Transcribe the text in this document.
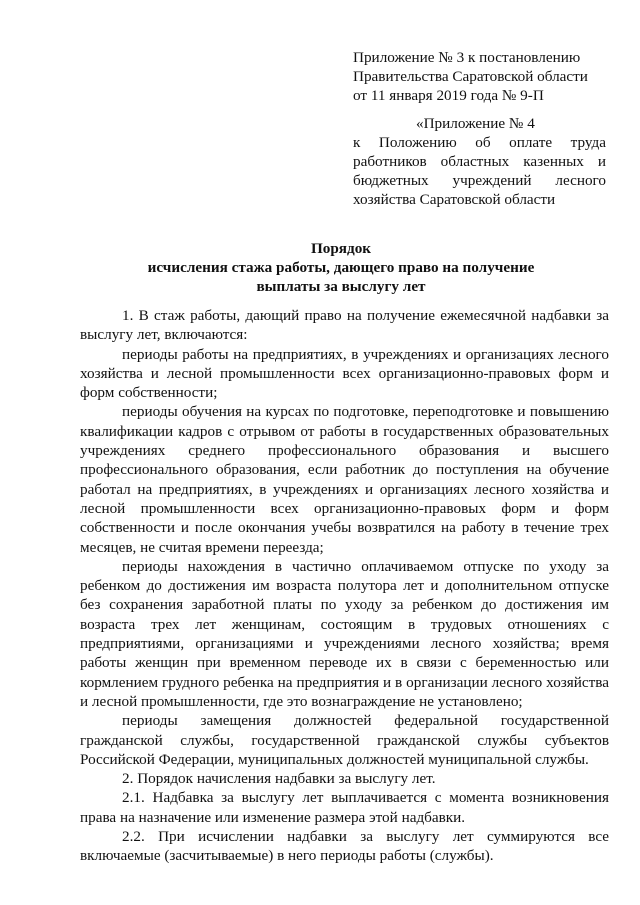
Приложение № 3 к постановлению
Правительства Саратовской области
от 11 января 2019 года № 9-П
«Приложение № 4
к Положению об оплате труда работников областных казенных и бюджетных учреждений лесного хозяйства Саратовской области
Порядок
исчисления стажа работы, дающего право на получение
выплаты за выслугу лет

1. В стаж работы, дающий право на получение ежемесячной надбавки за выслугу лет, включаются:

периоды работы на предприятиях, в учреждениях и организациях лесного хозяйства и лесной промышленности всех организационно-правовых форм и форм собственности;

периоды обучения на курсах по подготовке, переподготовке и повышению квалификации кадров с отрывом от работы в государственных образовательных учреждениях среднего профессионального образования и высшего профессионального образования, если работник до поступления на обучение работал на предприятиях, в учреждениях и организациях лесного хозяйства и лесной промышленности всех организационно-правовых форм и форм собственности и после окончания учебы возвратился на работу в течение трех месяцев, не считая времени переезда;

периоды нахождения в частично оплачиваемом отпуске по уходу за ребенком до достижения им возраста полутора лет и дополнительном отпуске без сохранения заработной платы по уходу за ребенком до достижения им возраста трех лет женщинам, состоящим в трудовых отношениях с предприятиями, организациями и учреждениями лесного хозяйства; время работы женщин при временном переводе их в связи с беременностью или кормлением грудного ребенка на предприятия и в организации лесного хозяйства и лесной промышленности, где это вознаграждение не установлено;

периоды замещения должностей федеральной государственной гражданской службы, государственной гражданской службы субъектов Российской Федерации, муниципальных должностей муниципальной службы.

2. Порядок начисления надбавки за выслугу лет.

2.1. Надбавка за выслугу лет выплачивается с момента возникновения права на назначение или изменение размера этой надбавки.

2.2. При исчислении надбавки за выслугу лет суммируются все включаемые (засчитываемые) в него периоды работы (службы).
